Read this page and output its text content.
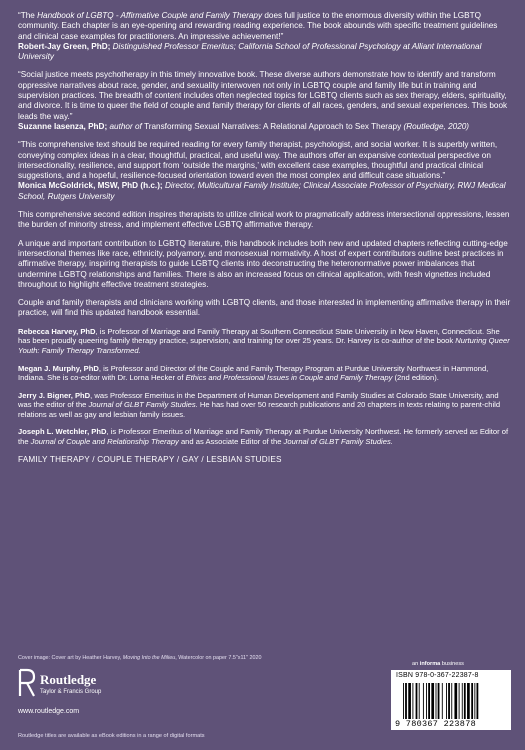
“The Handbook of LGBTQ - Affirmative Couple and Family Therapy does full justice to the enormous diversity within the LGBTQ community. Each chapter is an eye-opening and rewarding reading experience. The book abounds with specific treatment guidelines and clinical case examples for practitioners. An impressive achievement!”

Robert-Jay Green, PhD; Distinguished Professor Emeritus; California School of Professional Psychology at Alliant International University

“Social justice meets psychotherapy in this timely innovative book. These diverse authors demonstrate how to identify and transform oppressive narratives about race, gender, and sexuality interwoven not only in LGBTQ couple and family life but in training and supervision practices. The breadth of content includes often neglected topics for LGBTQ clients such as sex therapy, elders, spirituality, and divorce. It is time to queer the field of couple and family therapy for clients of all races, genders, and sexual experiences. This book leads the way.”

Suzanne Iasenza, PhD; author of Transforming Sexual Narratives: A Relational Approach to Sex Therapy (Routledge, 2020)

“This comprehensive text should be required reading for every family therapist, psychologist, and social worker. It is superbly written, conveying complex ideas in a clear, thoughtful, practical, and useful way. The authors offer an expansive contextual perspective on intersectionality, resilience, and support from ‘outside the margins,’ with excellent case examples, thoughtful and practical clinical suggestions, and a hopeful, resilience-focused orientation toward even the most complex and difficult case situations.”

Monica McGoldrick, MSW, PhD (h.c.); Director, Multicultural Family Institute; Clinical Associate Professor of Psychiatry, RWJ Medical School, Rutgers University

This comprehensive second edition inspires therapists to utilize clinical work to pragmatically address intersectional oppressions, lessen the burden of minority stress, and implement effective LGBTQ affirmative therapy.

A unique and important contribution to LGBTQ literature, this handbook includes both new and updated chapters reflecting cutting-edge intersectional themes like race, ethnicity, polyamory, and monosexual normativity. A host of expert contributors outline best practices in affirmative therapy, inspiring therapists to guide LGBTQ clients into deconstructing the heteronormative power imbalances that undermine LGBTQ relationships and families. There is also an increased focus on clinical application, with fresh vignettes included throughout to highlight effective treatment strategies.

Couple and family therapists and clinicians working with LGBTQ clients, and those interested in implementing affirmative therapy in their practice, will find this updated handbook essential.

Rebecca Harvey, PhD, is Professor of Marriage and Family Therapy at Southern Connecticut State University in New Haven, Connecticut. She has been proudly queering family therapy practice, supervision, and training for over 25 years. Dr. Harvey is co-author of the book Nurturing Queer Youth: Family Therapy Transformed.

Megan J. Murphy, PhD, is Professor and Director of the Couple and Family Therapy Program at Purdue University Northwest in Hammond, Indiana. She is co-editor with Dr. Lorna Hecker of Ethics and Professional Issues in Couple and Family Therapy (2nd edition).

Jerry J. Bigner, PhD, was Professor Emeritus in the Department of Human Development and Family Studies at Colorado State University, and was the editor of the Journal of GLBT Family Studies. He has had over 50 research publications and 20 chapters in texts relating to parent-child relations as well as gay and lesbian family issues.

Joseph L. Wetchler, PhD, is Professor Emeritus of Marriage and Family Therapy at Purdue University Northwest. He formerly served as Editor of the Journal of Couple and Relationship Therapy and as Associate Editor of the Journal of GLBT Family Studies.

FAMILY THERAPY / COUPLE THERAPY / GAY / LESBIAN STUDIES

Cover image: Cover art by Heather Harvey, Moving Into the Milieu, Watercolor on paper 7.5"x11" 2020
Routledge
Taylor & Francis Group
www.routledge.com
an informa business
ISBN 978-0-367-22387-8
9 780367 223878
Routledge titles are available as eBook editions in a range of digital formats
